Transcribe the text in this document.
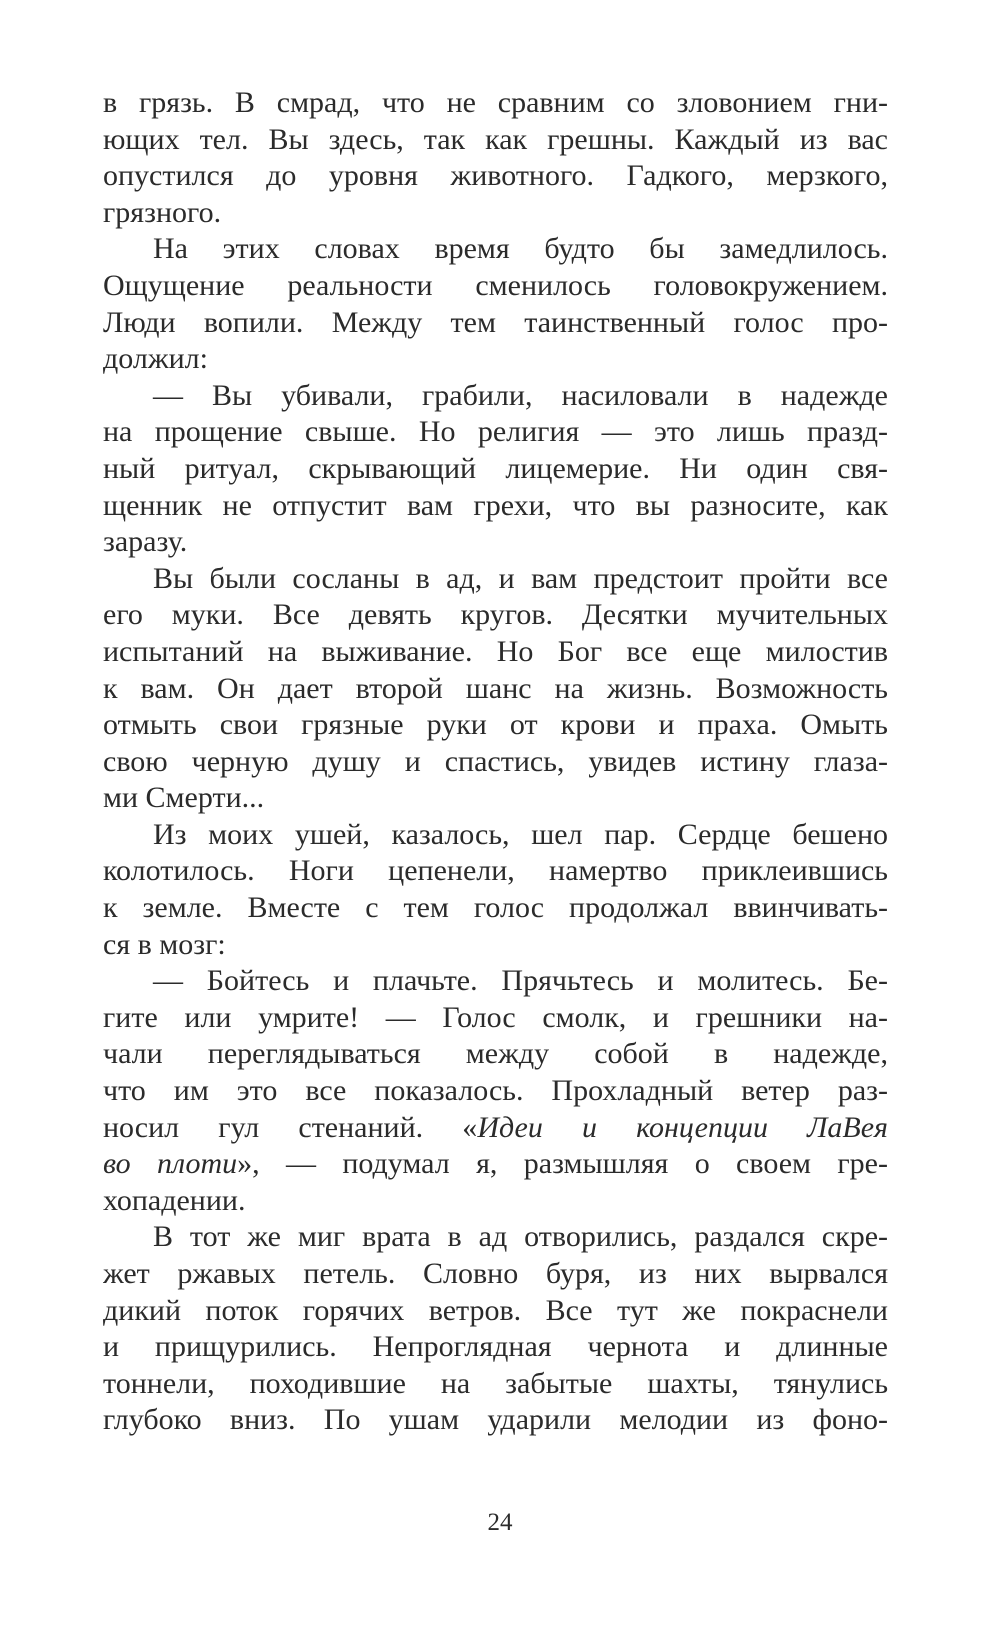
в грязь. В смрад, что не сравним со зловонием гни-
ющих тел. Вы здесь, так как грешны. Каждый из вас
опустился до уровня животного. Гадкого, мерзкого,
грязного.
На этих словах время будто бы замедлилось.
Ощущение реальности сменилось головокружением.
Люди вопили. Между тем таинственный голос про-
должил:
— Вы убивали, грабили, насиловали в надежде
на прощение свыше. Но религия — это лишь празд-
ный ритуал, скрывающий лицемерие. Ни один свя-
щенник не отпустит вам грехи, что вы разносите, как
заразу.
Вы были сосланы в ад, и вам предстоит пройти все
его муки. Все девять кругов. Десятки мучительных
испытаний на выживание. Но Бог все еще милостив
к вам. Он дает второй шанс на жизнь. Возможность
отмыть свои грязные руки от крови и праха. Омыть
свою черную душу и спастись, увидев истину глаза-
ми Смерти...
Из моих ушей, казалось, шел пар. Сердце бешено
колотилось. Ноги цепенели, намертво приклеившись
к земле. Вместе с тем голос продолжал ввинчивать-
ся в мозг:
— Бойтесь и плачьте. Прячьтесь и молитесь. Бе-
гите или умрите! — Голос смолк, и грешники на-
чали переглядываться между собой в надежде,
что им это все показалось. Прохладный ветер раз-
носил гул стенаний. «Идеи и концепции ЛаВея
во плоти», — подумал я, размышляя о своем гре-
хопадении.
В тот же миг врата в ад отворились, раздался скре-
жет ржавых петель. Словно буря, из них вырвался
дикий поток горячих ветров. Все тут же покраснели
и прищурились. Непроглядная чернота и длинные
тоннели, походившие на забытые шахты, тянулись
глубоко вниз. По ушам ударили мелодии из фоно-
24
